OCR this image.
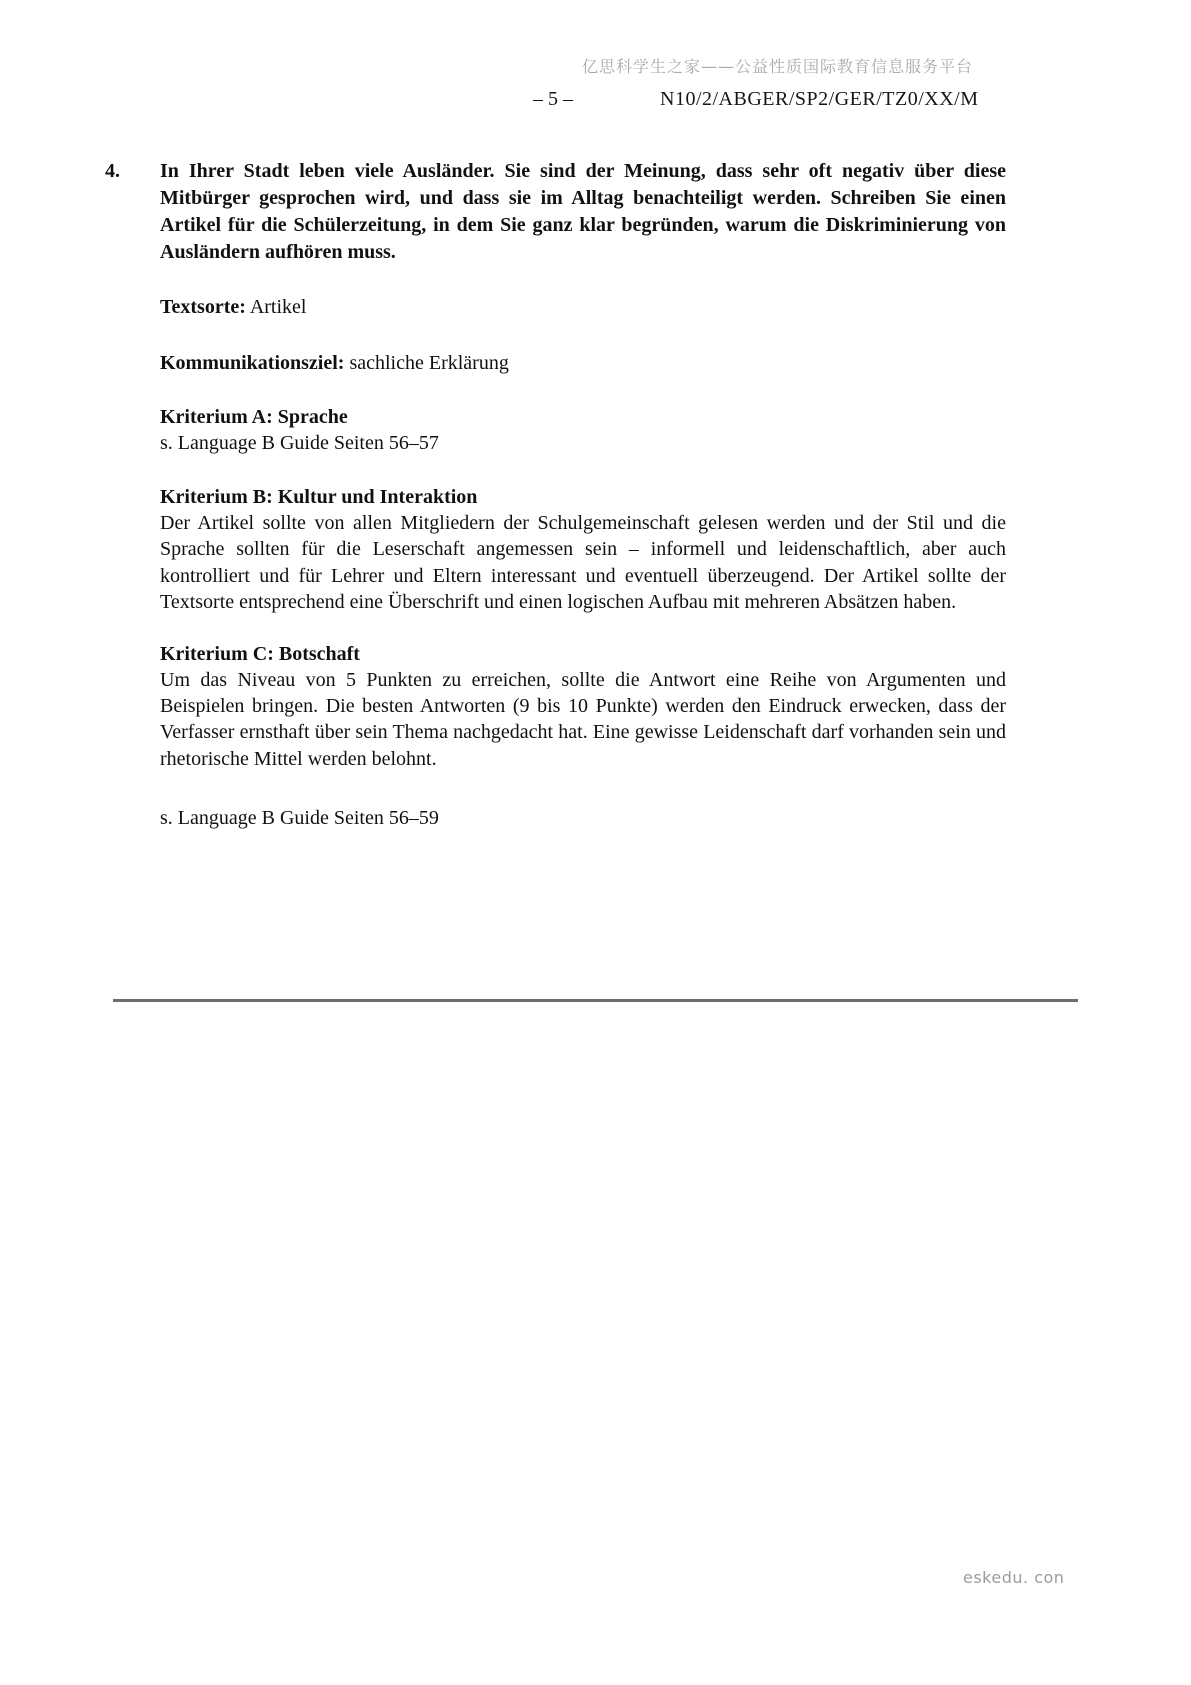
亿思科学生之家——公益性质国际教育信息服务平台
– 5 –	N10/2/ABGER/SP2/GER/TZ0/XX/M
4.	In Ihrer Stadt leben viele Ausländer. Sie sind der Meinung, dass sehr oft negativ über diese Mitbürger gesprochen wird, und dass sie im Alltag benachteiligt werden. Schreiben Sie einen Artikel für die Schülerzeitung, in dem Sie ganz klar begründen, warum die Diskriminierung von Ausländern aufhören muss.

Textsorte: Artikel

Kommunikationsziel: sachliche Erklärung

Kriterium A: Sprache

s. Language B Guide Seiten 56–57

Kriterium B: Kultur und Interaktion

Der Artikel sollte von allen Mitgliedern der Schulgemeinschaft gelesen werden und der Stil und die Sprache sollten für die Leserschaft angemessen sein – informell und leidenschaftlich, aber auch kontrolliert und für Lehrer und Eltern interessant und eventuell überzeugend. Der Artikel sollte der Textsorte entsprechend eine Überschrift und einen logischen Aufbau mit mehreren Absätzen haben.

Kriterium C: Botschaft

Um das Niveau von 5 Punkten zu erreichen, sollte die Antwort eine Reihe von Argumenten und Beispielen bringen. Die besten Antworten (9 bis 10 Punkte) werden den Eindruck erwecken, dass der Verfasser ernsthaft über sein Thema nachgedacht hat. Eine gewisse Leidenschaft darf vorhanden sein und rhetorische Mittel werden belohnt.

s. Language B Guide Seiten 56–59

eskedu. con
